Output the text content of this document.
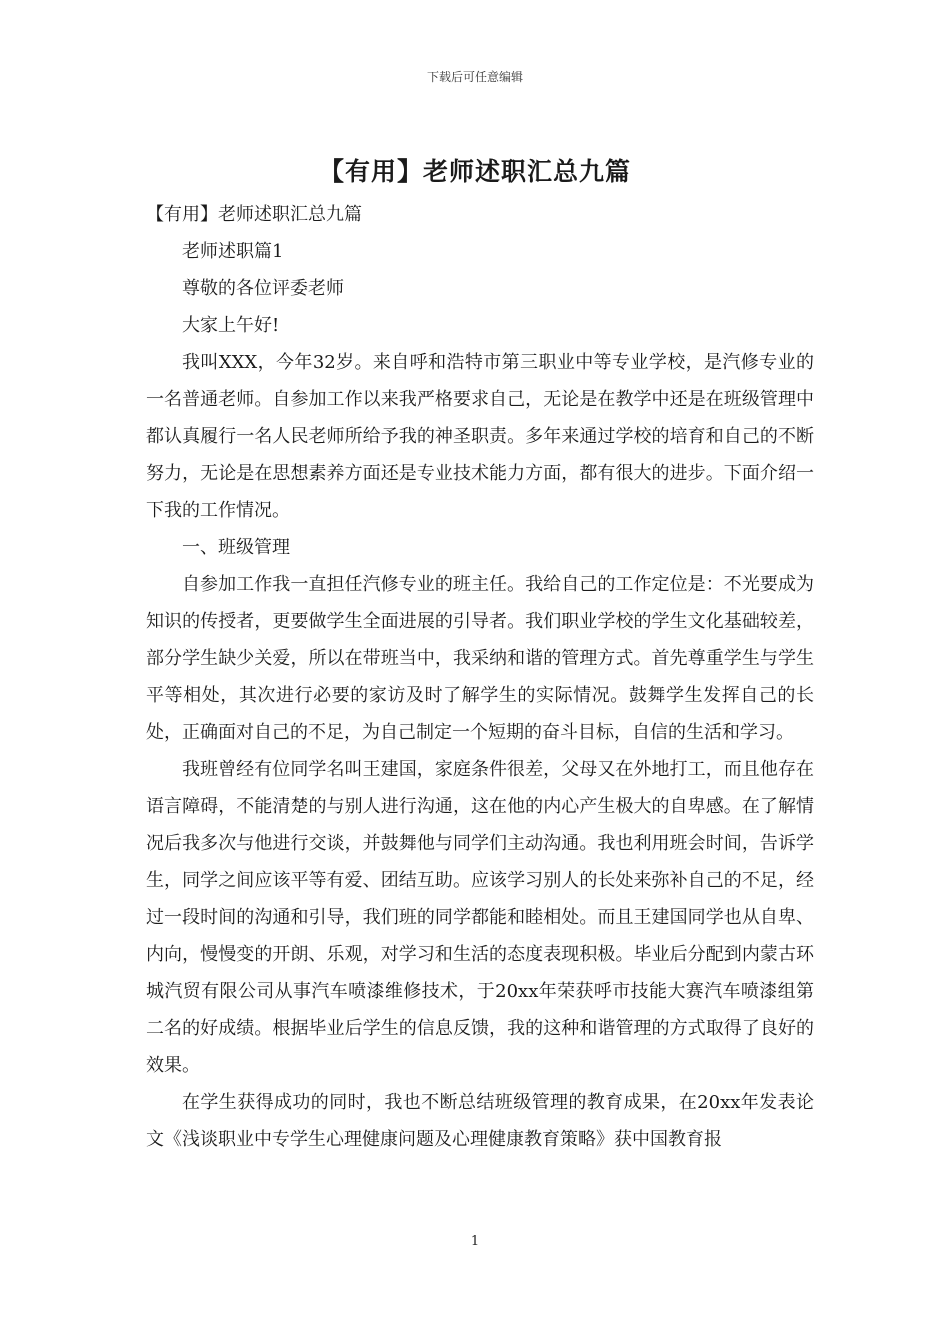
下载后可任意编辑
【有用】老师述职汇总九篇

【有用】老师述职汇总九篇

老师述职篇1

尊敬的各位评委老师

大家上午好!

我叫XXX，今年32岁。来自呼和浩特市第三职业中等专业学校，是汽修专业的一名普通老师。自参加工作以来我严格要求自己，无论是在教学中还是在班级管理中都认真履行一名人民老师所给予我的神圣职责。多年来通过学校的培育和自己的不断努力，无论是在思想素养方面还是专业技术能力方面，都有很大的进步。下面介绍一下我的工作情况。

一、班级管理

自参加工作我一直担任汽修专业的班主任。我给自己的工作定位是：不光要成为知识的传授者，更要做学生全面进展的引导者。我们职业学校的学生文化基础较差，部分学生缺少关爱，所以在带班当中，我采纳和谐的管理方式。首先尊重学生与学生平等相处，其次进行必要的家访及时了解学生的实际情况。鼓舞学生发挥自己的长处，正确面对自己的不足，为自己制定一个短期的奋斗目标，自信的生活和学习。

我班曾经有位同学名叫王建国，家庭条件很差，父母又在外地打工，而且他存在语言障碍，不能清楚的与别人进行沟通，这在他的内心产生极大的自卑感。在了解情况后我多次与他进行交谈，并鼓舞他与同学们主动沟通。我也利用班会时间，告诉学生，同学之间应该平等有爱、团结互助。应该学习别人的长处来弥补自己的不足，经过一段时间的沟通和引导，我们班的同学都能和睦相处。而且王建国同学也从自卑、内向，慢慢变的开朗、乐观，对学习和生活的态度表现积极。毕业后分配到内蒙古环城汽贸有限公司从事汽车喷漆维修技术，于20xx年荣获呼市技能大赛汽车喷漆组第二名的好成绩。根据毕业后学生的信息反馈，我的这种和谐管理的方式取得了良好的效果。

在学生获得成功的同时，我也不断总结班级管理的教育成果，在20xx年发表论文《浅谈职业中专学生心理健康问题及心理健康教育策略》获中国教育报

1
